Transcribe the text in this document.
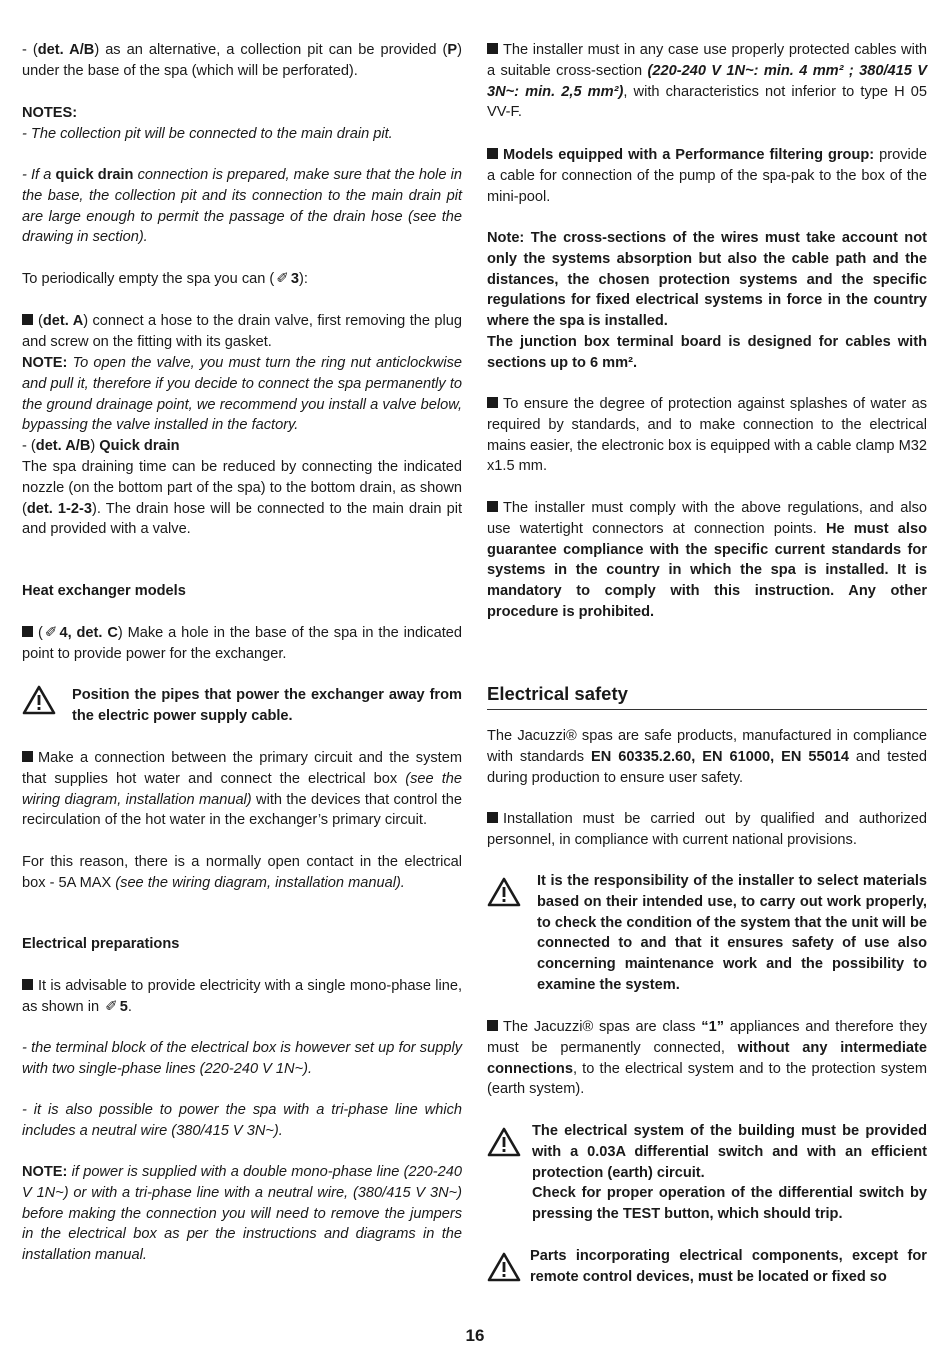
- (det. A/B) as an alternative, a collection pit can be provided (P) under the base of the spa (which will be perforated).

NOTES:

- The collection pit will be connected to the main drain pit.

- If a quick drain connection is prepared, make sure that the hole in the base, the collection pit and its connection to the main drain pit are large enough to permit the passage of the drain hose (see the drawing in section).

To periodically empty the spa you can ( ✐ 3):

(det. A) connect a hose to the drain valve, first removing the plug and screw on the fitting with its gasket.

NOTE: To open the valve, you must turn the ring nut anticlockwise and pull it, therefore if you decide to connect the spa permanently to the ground drainage point, we recommend you install a valve below, bypassing the valve installed in the factory.

- (det. A/B) Quick drain

The spa draining time can be reduced by connecting the indicated nozzle (on the bottom part of the spa) to the bottom drain, as shown (det. 1-2-3). The drain hose will be connected to the main drain pit and provided with a valve.

Heat exchanger models

( ✐ 4, det. C) Make a hole in the base of the spa in the indicated point to provide power for the exchanger.

Position the pipes that power the exchanger away from the electric power supply cable.

Make a connection between the primary circuit and the system that supplies hot water and connect the electrical box (see the wiring diagram, installation manual) with the devices that control the recirculation of the hot water in the exchanger’s primary circuit.

For this reason, there is a normally open contact in the electrical box - 5A MAX (see the wiring diagram, installation manual).

Electrical preparations

It is advisable to provide electricity with a single mono-phase line, as shown in ✐ 5.

- the terminal block of the electrical box is however set up for supply with two single-phase lines (220-240 V 1N~).

- it is also possible to power the spa with a tri-phase line which includes a neutral wire (380/415 V 3N~).

NOTE: if power is supplied with a double mono-phase line (220-240 V 1N~) or with a tri-phase line with a neutral wire, (380/415 V 3N~) before making the connection you will need to remove the jumpers in the electrical box as per the instructions and diagrams in the installation manual.

The installer must in any case use properly protected cables with a suitable cross-section (220-240 V 1N~: min. 4 mm² ; 380/415 V 3N~: min. 2,5 mm²), with characteristics not inferior to type H 05 VV-F.

Models equipped with a Performance filtering group: provide a cable for connection of the pump of the spa-pak to the box of the mini-pool.

Note: The cross-sections of the wires must take account not only the systems absorption but also the cable path and the distances, the chosen protection systems and the specific regulations for fixed electrical systems in force in the country where the spa is installed.

The junction box terminal board is designed for cables with sections up to 6 mm².

To ensure the degree of protection against splashes of water as required by standards, and to make connection to the electrical mains easier, the electronic box is equipped with a cable clamp M32 x1.5 mm.

The installer must comply with the above regulations, and also use watertight connectors at connection points. He must also guarantee compliance with the specific current standards for systems in the country in which the spa is installed. It is mandatory to comply with this instruction. Any other procedure is prohibited.

Electrical safety

The Jacuzzi® spas are safe products, manufactured in compliance with standards EN 60335.2.60, EN 61000, EN 55014 and tested during production to ensure user safety.

Installation must be carried out by qualified and authorized personnel, in compliance with current national provisions.

It is the responsibility of the installer to select materials based on their intended use, to carry out work properly, to check the condition of the system that the unit will be connected to and that it ensures safety of use also concerning maintenance work and the possibility to examine the system.

The Jacuzzi® spas are class “1” appliances and therefore they must be permanently connected, without any intermediate connections, to the electrical system and to the protection system (earth system).

The electrical system of the building must be provided with a 0.03A differential switch and with an efficient protection (earth) circuit.

Check for proper operation of the differential switch by pressing the TEST button, which should trip.

Parts incorporating electrical components, except for remote control devices, must be located or fixed so

16
